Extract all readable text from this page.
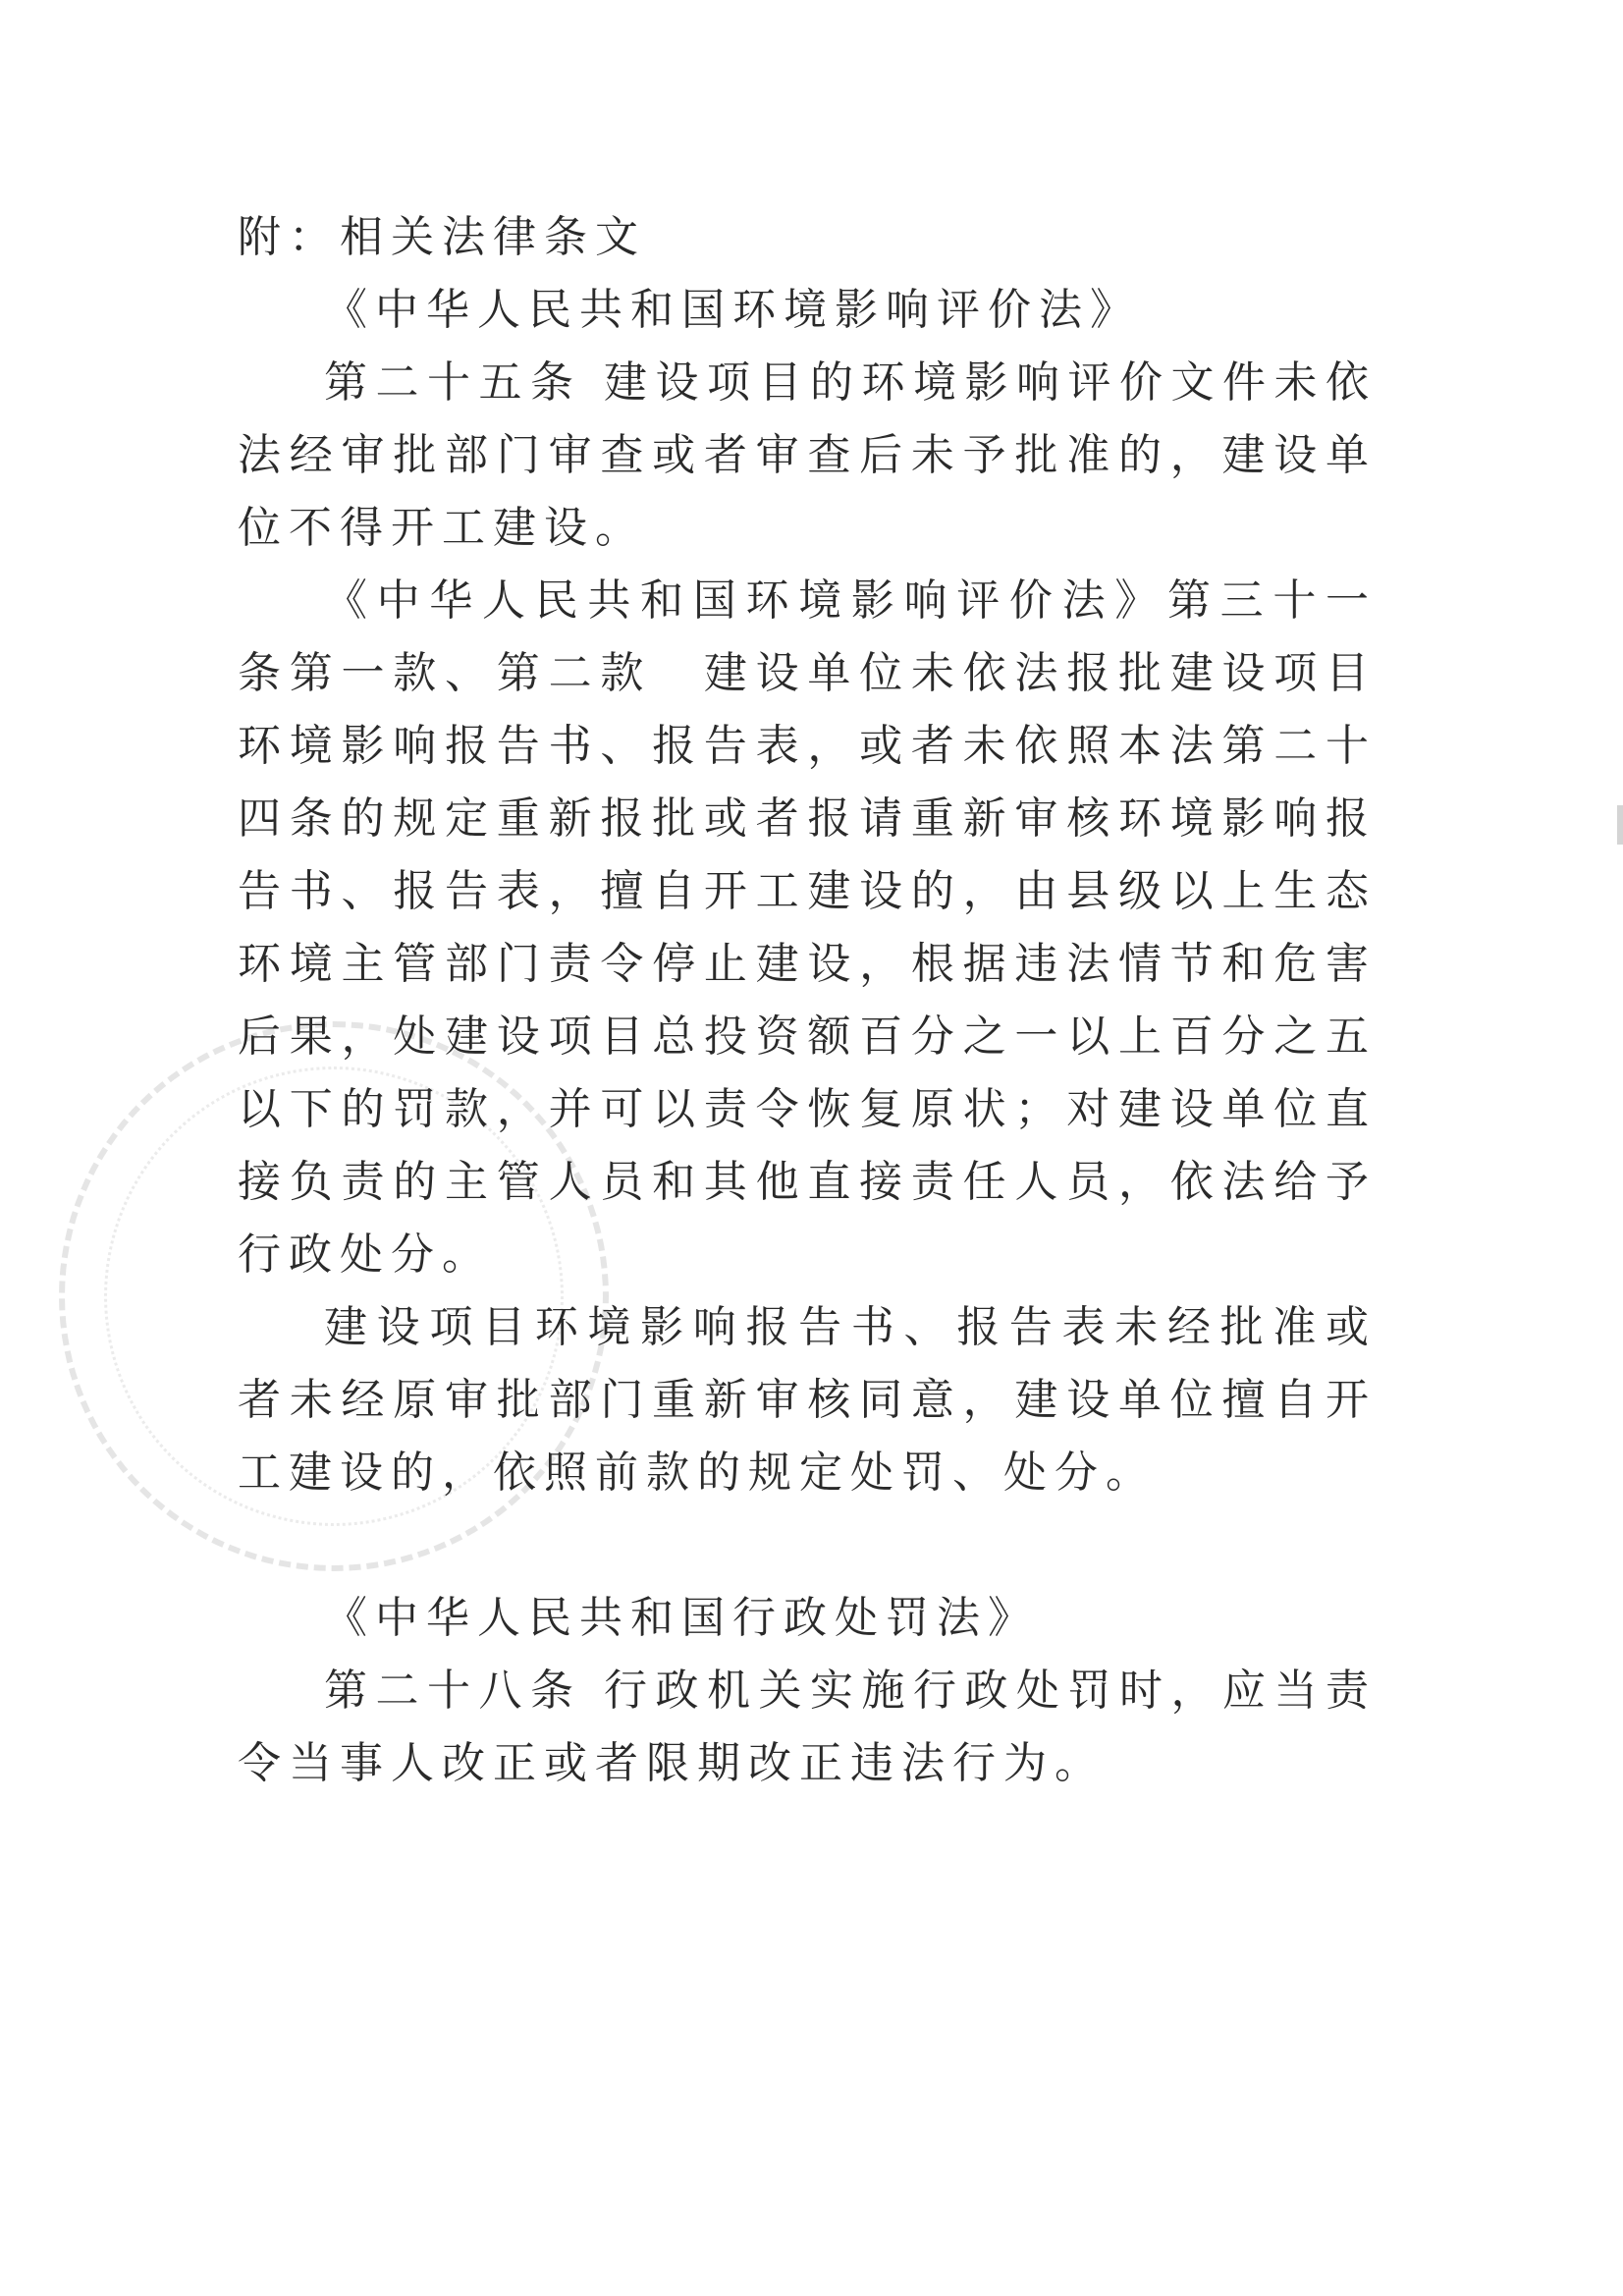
附：相关法律条文
《中华人民共和国环境影响评价法》

第二十五条 建设项目的环境影响评价文件未依法经审批部门审查或者审查后未予批准的，建设单位不得开工建设。

《中华人民共和国环境影响评价法》第三十一条第一款、第二款　建设单位未依法报批建设项目环境影响报告书、报告表，或者未依照本法第二十四条的规定重新报批或者报请重新审核环境影响报告书、报告表，擅自开工建设的，由县级以上生态环境主管部门责令停止建设，根据违法情节和危害后果，处建设项目总投资额百分之一以上百分之五以下的罚款，并可以责令恢复原状；对建设单位直接负责的主管人员和其他直接责任人员，依法给予行政处分。

建设项目环境影响报告书、报告表未经批准或者未经原审批部门重新审核同意，建设单位擅自开工建设的，依照前款的规定处罚、处分。

《中华人民共和国行政处罚法》

第二十八条 行政机关实施行政处罚时，应当责令当事人改正或者限期改正违法行为。
